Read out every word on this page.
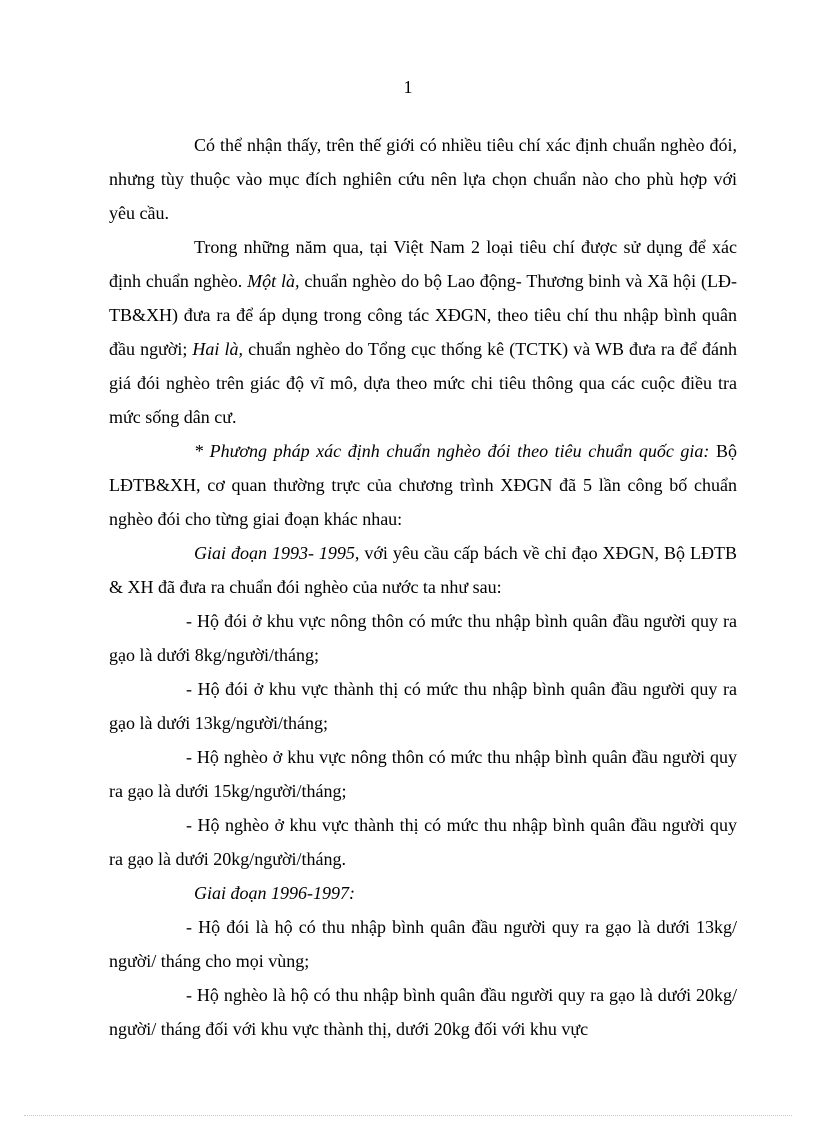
1

Có thể nhận thấy, trên thế giới có nhiều tiêu chí xác định chuẩn nghèo đói, nhưng tùy thuộc vào mục đích nghiên cứu nên lựa chọn chuẩn nào cho phù hợp với yêu cầu.

Trong những năm qua, tại Việt Nam 2 loại tiêu chí được sử dụng để xác định chuẩn nghèo. Một là, chuẩn nghèo do bộ Lao động- Thương binh và Xã hội (LĐ- TB&XH) đưa ra để áp dụng trong công tác XĐGN, theo tiêu chí thu nhập bình quân đầu người; Hai là, chuẩn nghèo do Tổng cục thống kê (TCTK) và WB đưa ra để đánh giá đói nghèo trên giác độ vĩ mô, dựa theo mức chi tiêu thông qua các cuộc điều tra mức sống dân cư.

* Phương pháp xác định chuẩn nghèo đói theo tiêu chuẩn quốc gia: Bộ LĐTB&XH, cơ quan thường trực của chương trình XĐGN đã 5 lần công bố chuẩn nghèo đói cho từng giai đoạn khác nhau:

Giai đoạn 1993- 1995, với yêu cầu cấp bách về chỉ đạo XĐGN, Bộ LĐTB & XH đã đưa ra chuẩn đói nghèo của nước ta như sau:

- Hộ đói ở khu vực nông thôn có mức thu nhập bình quân đầu người quy ra gạo là dưới 8kg/người/tháng;

- Hộ đói ở khu vực thành thị có mức thu nhập bình quân đầu người quy ra gạo là dưới 13kg/người/tháng;

- Hộ nghèo ở khu vực nông thôn có mức thu nhập bình quân đầu người quy ra gạo là dưới 15kg/người/tháng;

- Hộ nghèo ở khu vực thành thị có mức thu nhập bình quân đầu người quy ra gạo là dưới 20kg/người/tháng.

Giai đoạn 1996-1997:

- Hộ đói là hộ có thu nhập bình quân đầu người quy ra gạo là dưới 13kg/ người/ tháng cho mọi vùng;

- Hộ nghèo là hộ có thu nhập bình quân đầu người quy ra gạo là dưới 20kg/ người/ tháng đối với khu vực thành thị, dưới 20kg đối với khu vực
